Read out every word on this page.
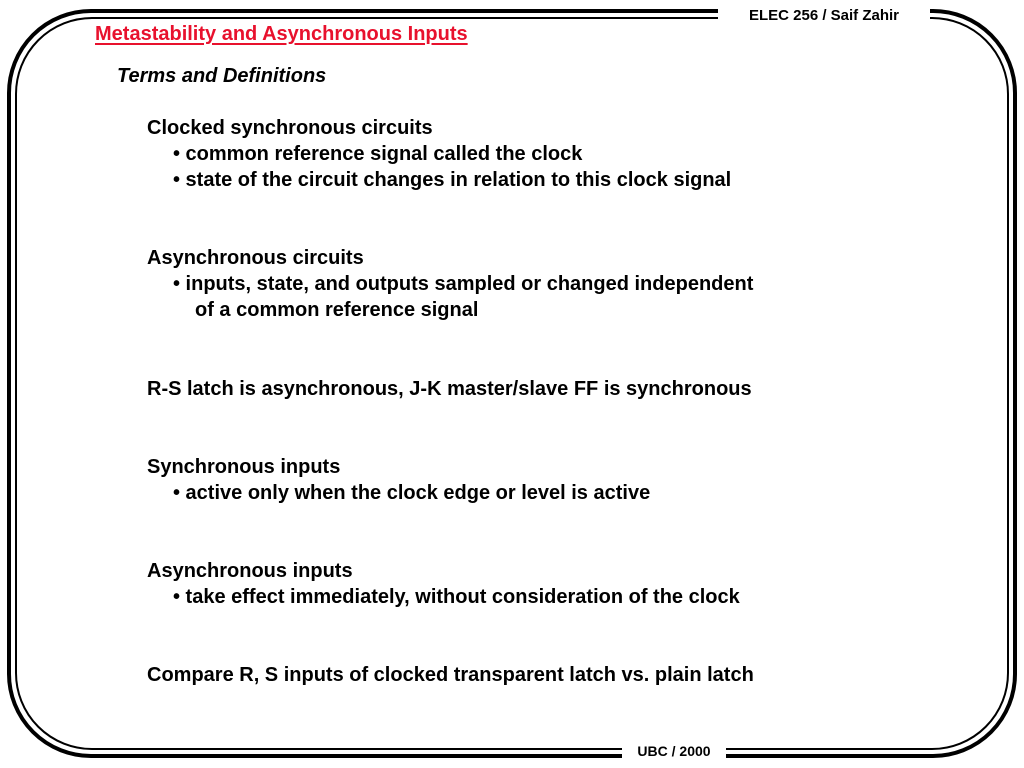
ELEC 256 / Saif Zahir
UBC / 2000
Metastability and Asynchronous Inputs
Terms and Definitions
Clocked synchronous circuits
• common reference signal called the clock
• state of the circuit changes in relation to this clock signal
Asynchronous circuits
• inputs, state, and outputs sampled or changed independent
of a common reference signal
R-S latch is asynchronous, J-K master/slave FF is synchronous
Synchronous inputs
• active only when the clock edge or level is active
Asynchronous inputs
• take effect immediately, without consideration of the clock
Compare R, S inputs of clocked transparent latch vs. plain latch
